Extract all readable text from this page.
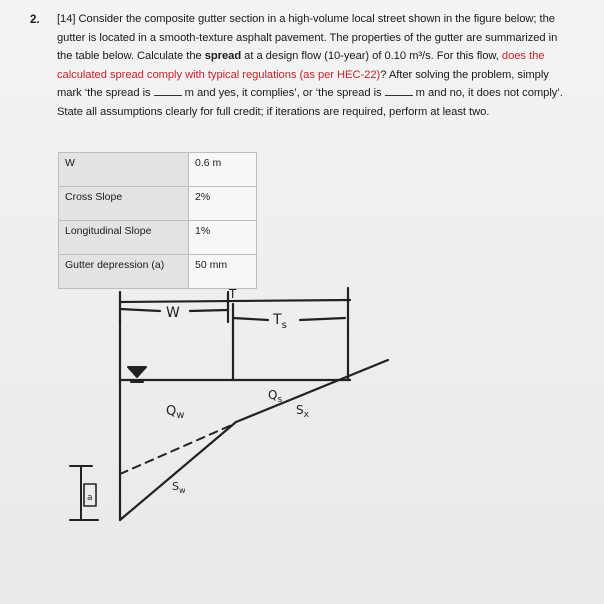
2. [14] Consider the composite gutter section in a high-volume local street shown in the figure below; the gutter is located in a smooth-texture asphalt pavement. The properties of the gutter are summarized in the table below. Calculate the spread at a design flow (10-year) of 0.10 m³/s. For this flow, does the calculated spread comply with typical regulations (as per HEC-22)? After solving the problem, simply mark ‘the spread is	m and yes, it complies’, or ‘the spread is	m and no, it does not comply’. State all assumptions clearly for full credit; if iterations are required, perform at least two.
W	0.6 m
Cross Slope	2%
Longitudinal Slope	1%
Gutter depression (a)	50 mm
W
T
$T_s$
$Q_s$
$S_x$
$Q_w$
$S_w$
a
